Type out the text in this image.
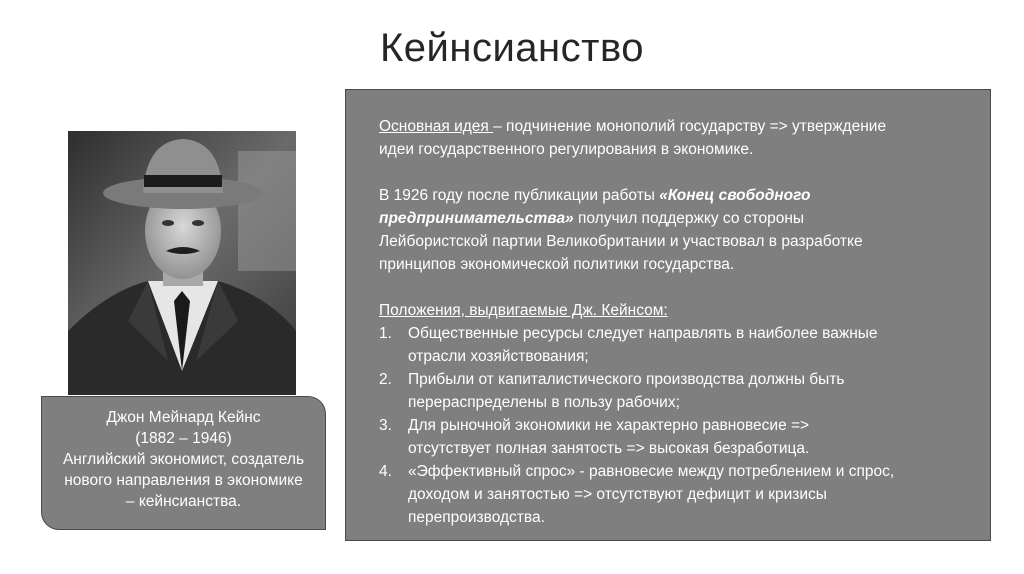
Кейнсианство
Джон Мейнард Кейнс
(1882 – 1946)
Английский экономист, создатель
нового направления в экономике
– кейнсианства.

Основная идея – подчинение монополий государству => утверждение
идеи государственного регулирования в экономике.

В 1926 году после публикации работы «Конец свободного
предпринимательства» получил поддержку со стороны
Лейбористской партии Великобритании и участвовал в разработке
принципов экономической политики государства.

Положения, выдвигаемые Дж. Кейнсом:

1. Общественные ресурсы следует направлять в наиболее важные
отрасли хозяйствования;
2. Прибыли от капиталистического производства должны быть
перераспределены в пользу рабочих;
3. Для рыночной экономики не характерно равновесие =>
отсутствует полная занятость => высокая безработица.
4. «Эффективный спрос» - равновесие между потреблением и спрос,
доходом и занятостью => отсутствуют дефицит и кризисы
перепроизводства.
